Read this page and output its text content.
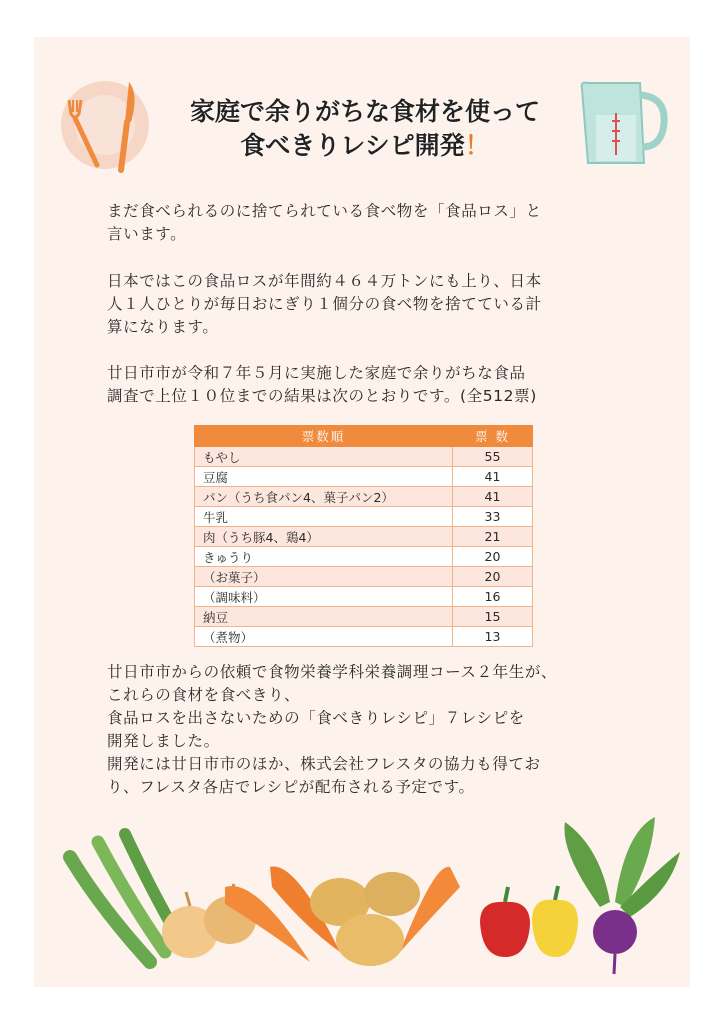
家庭で余りがちな食材を使って
食べきりレシピ開発！
まだ食べられるのに捨てられている食べ物を「食品ロス」と
言います。
日本ではこの食品ロスが年間約４６４万トンにも上り、日本
人１人ひとりが毎日おにぎり１個分の食べ物を捨てている計
算になります。
廿日市市が令和７年５月に実施した家庭で余りがちな食品
調査で上位１０位までの結果は次のとおりです。(全512票)
票数順	票 数
もやし	55
豆腐	41
パン（うち食パン4、菓子パン2）	41
牛乳	33
肉（うち豚4、鶏4）	21
きゅうり	20
（お菓子）	20
（調味料）	16
納豆	15
（煮物）	13
廿日市市からの依頼で食物栄養学科栄養調理コース２年生が、
これらの食材を食べきり、
食品ロスを出さないための「食べきりレシピ」７レシピを
開発しました。
開発には廿日市市のほか、株式会社フレスタの協力も得てお
り、フレスタ各店でレシピが配布される予定です。
